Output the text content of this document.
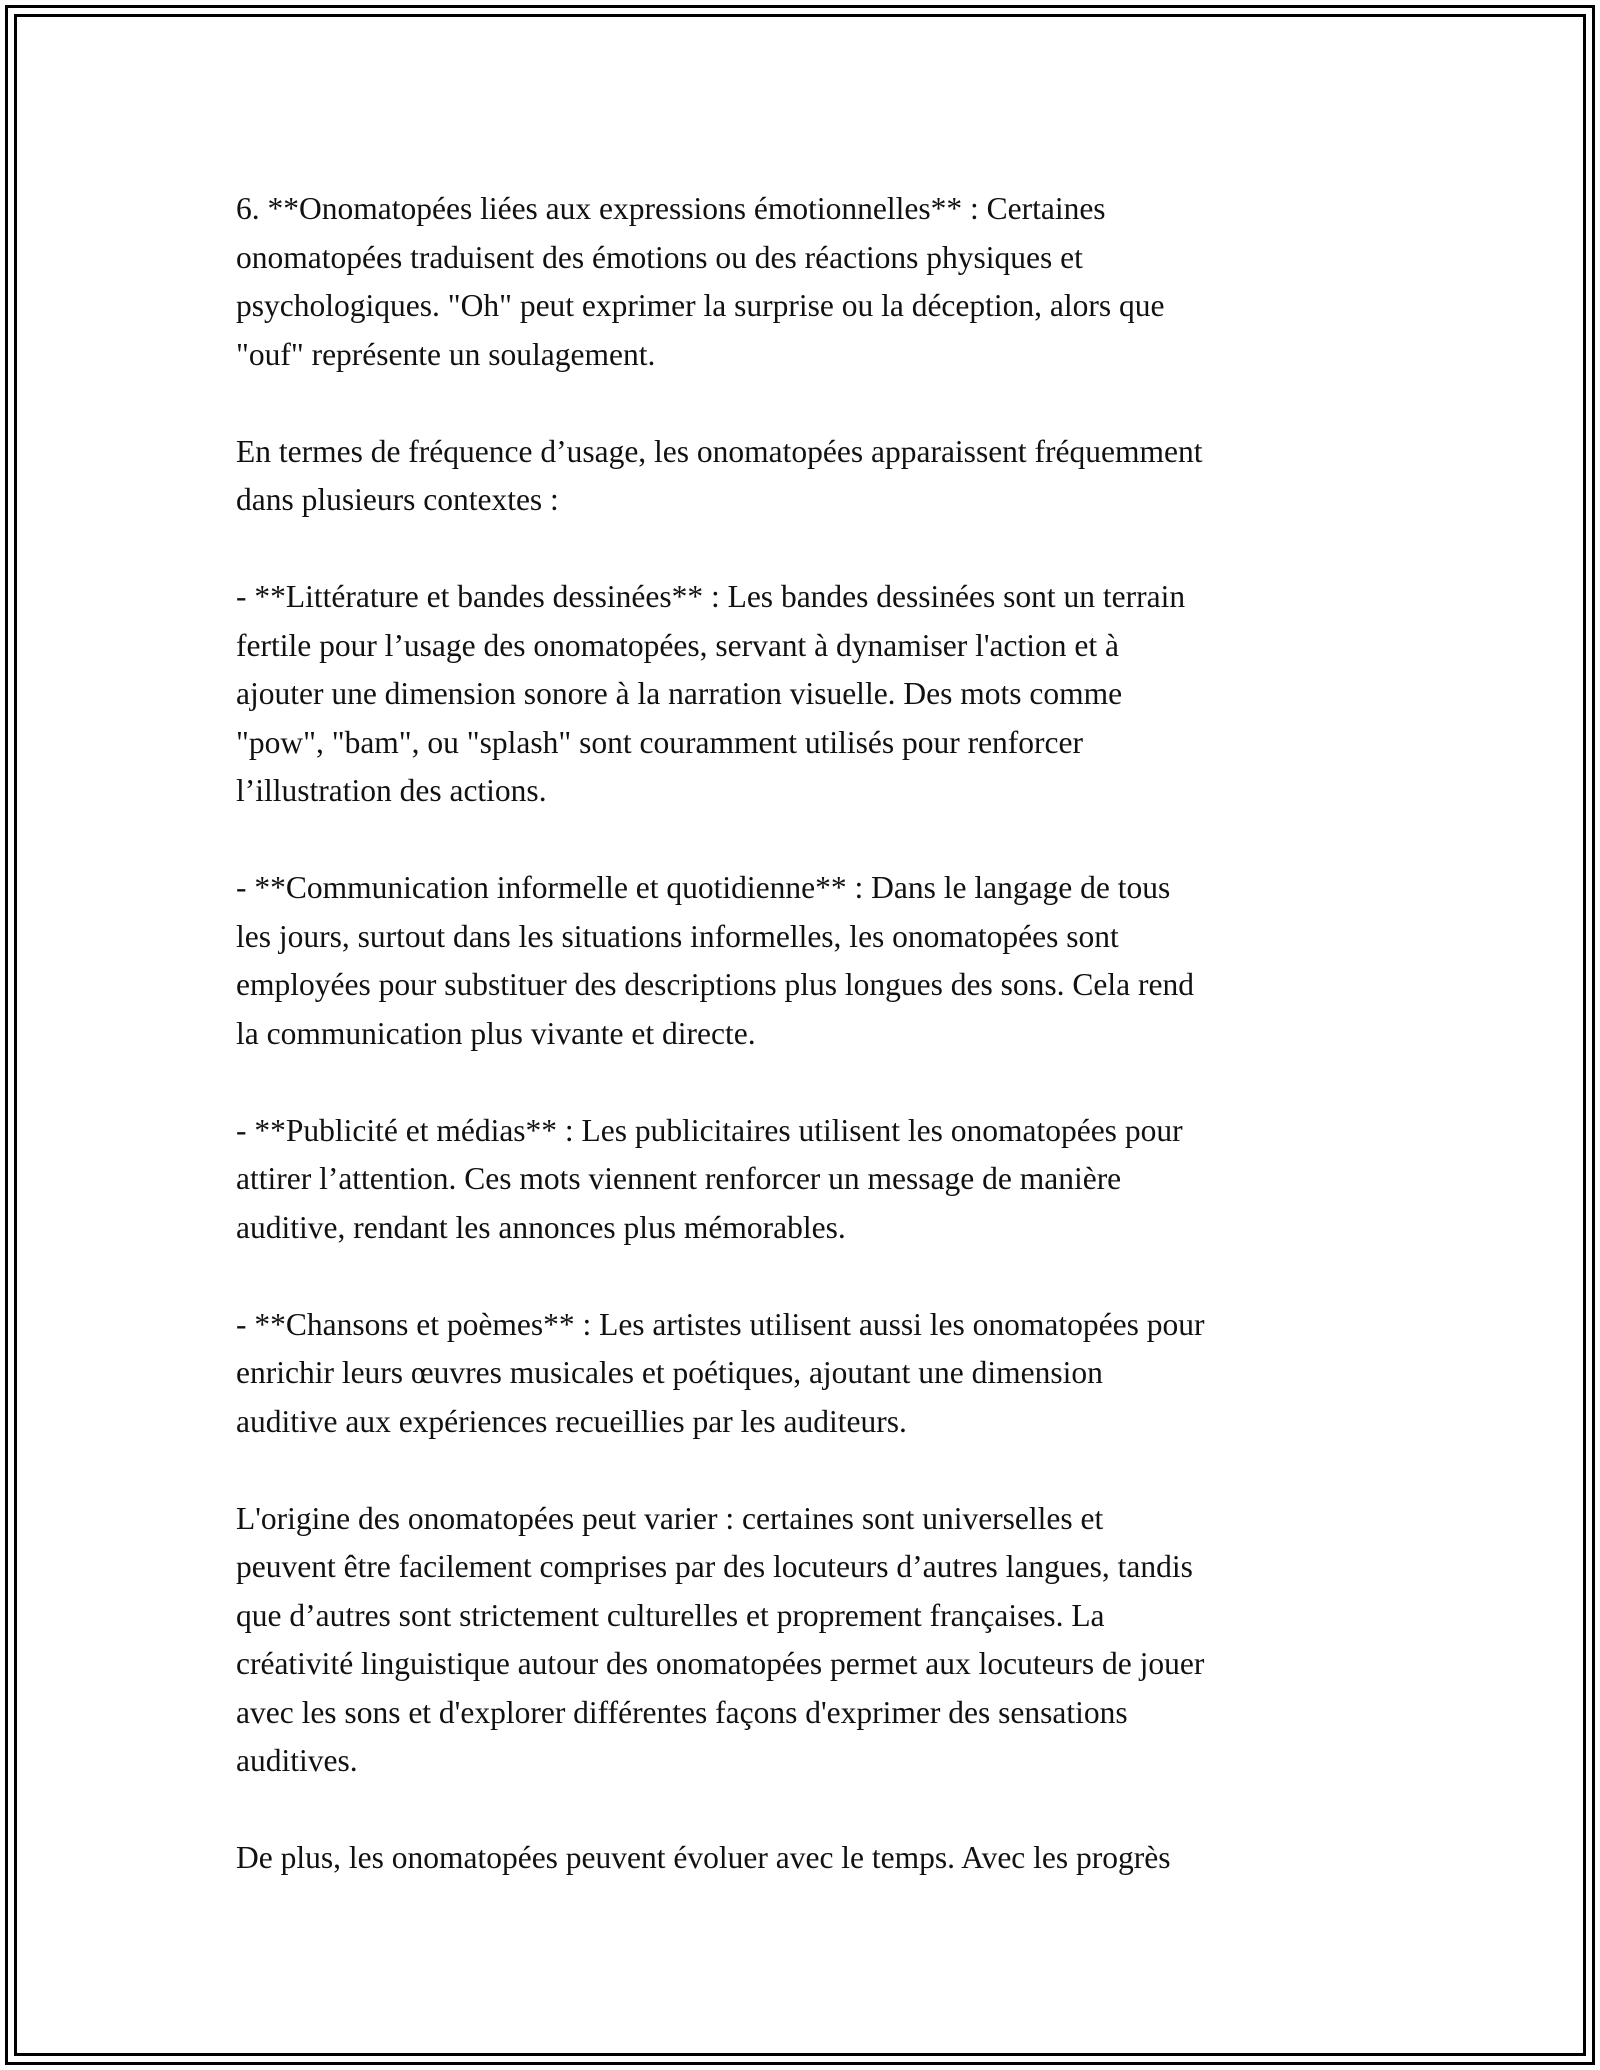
6. **Onomatopées liées aux expressions émotionnelles** : Certaines
onomatopées traduisent des émotions ou des réactions physiques et
psychologiques. "Oh" peut exprimer la surprise ou la déception, alors que
"ouf" représente un soulagement.

En termes de fréquence d’usage, les onomatopées apparaissent fréquemment
dans plusieurs contextes :

- **Littérature et bandes dessinées** : Les bandes dessinées sont un terrain
fertile pour l’usage des onomatopées, servant à dynamiser l'action et à
ajouter une dimension sonore à la narration visuelle. Des mots comme
"pow", "bam", ou "splash" sont couramment utilisés pour renforcer
l’illustration des actions.

- **Communication informelle et quotidienne** : Dans le langage de tous
les jours, surtout dans les situations informelles, les onomatopées sont
employées pour substituer des descriptions plus longues des sons. Cela rend
la communication plus vivante et directe.

- **Publicité et médias** : Les publicitaires utilisent les onomatopées pour
attirer l’attention. Ces mots viennent renforcer un message de manière
auditive, rendant les annonces plus mémorables.

- **Chansons et poèmes** : Les artistes utilisent aussi les onomatopées pour
enrichir leurs œuvres musicales et poétiques, ajoutant une dimension
auditive aux expériences recueillies par les auditeurs.

L'origine des onomatopées peut varier : certaines sont universelles et
peuvent être facilement comprises par des locuteurs d’autres langues, tandis
que d’autres sont strictement culturelles et proprement françaises. La
créativité linguistique autour des onomatopées permet aux locuteurs de jouer
avec les sons et d'explorer différentes façons d'exprimer des sensations
auditives.

De plus, les onomatopées peuvent évoluer avec le temps. Avec les progrès
